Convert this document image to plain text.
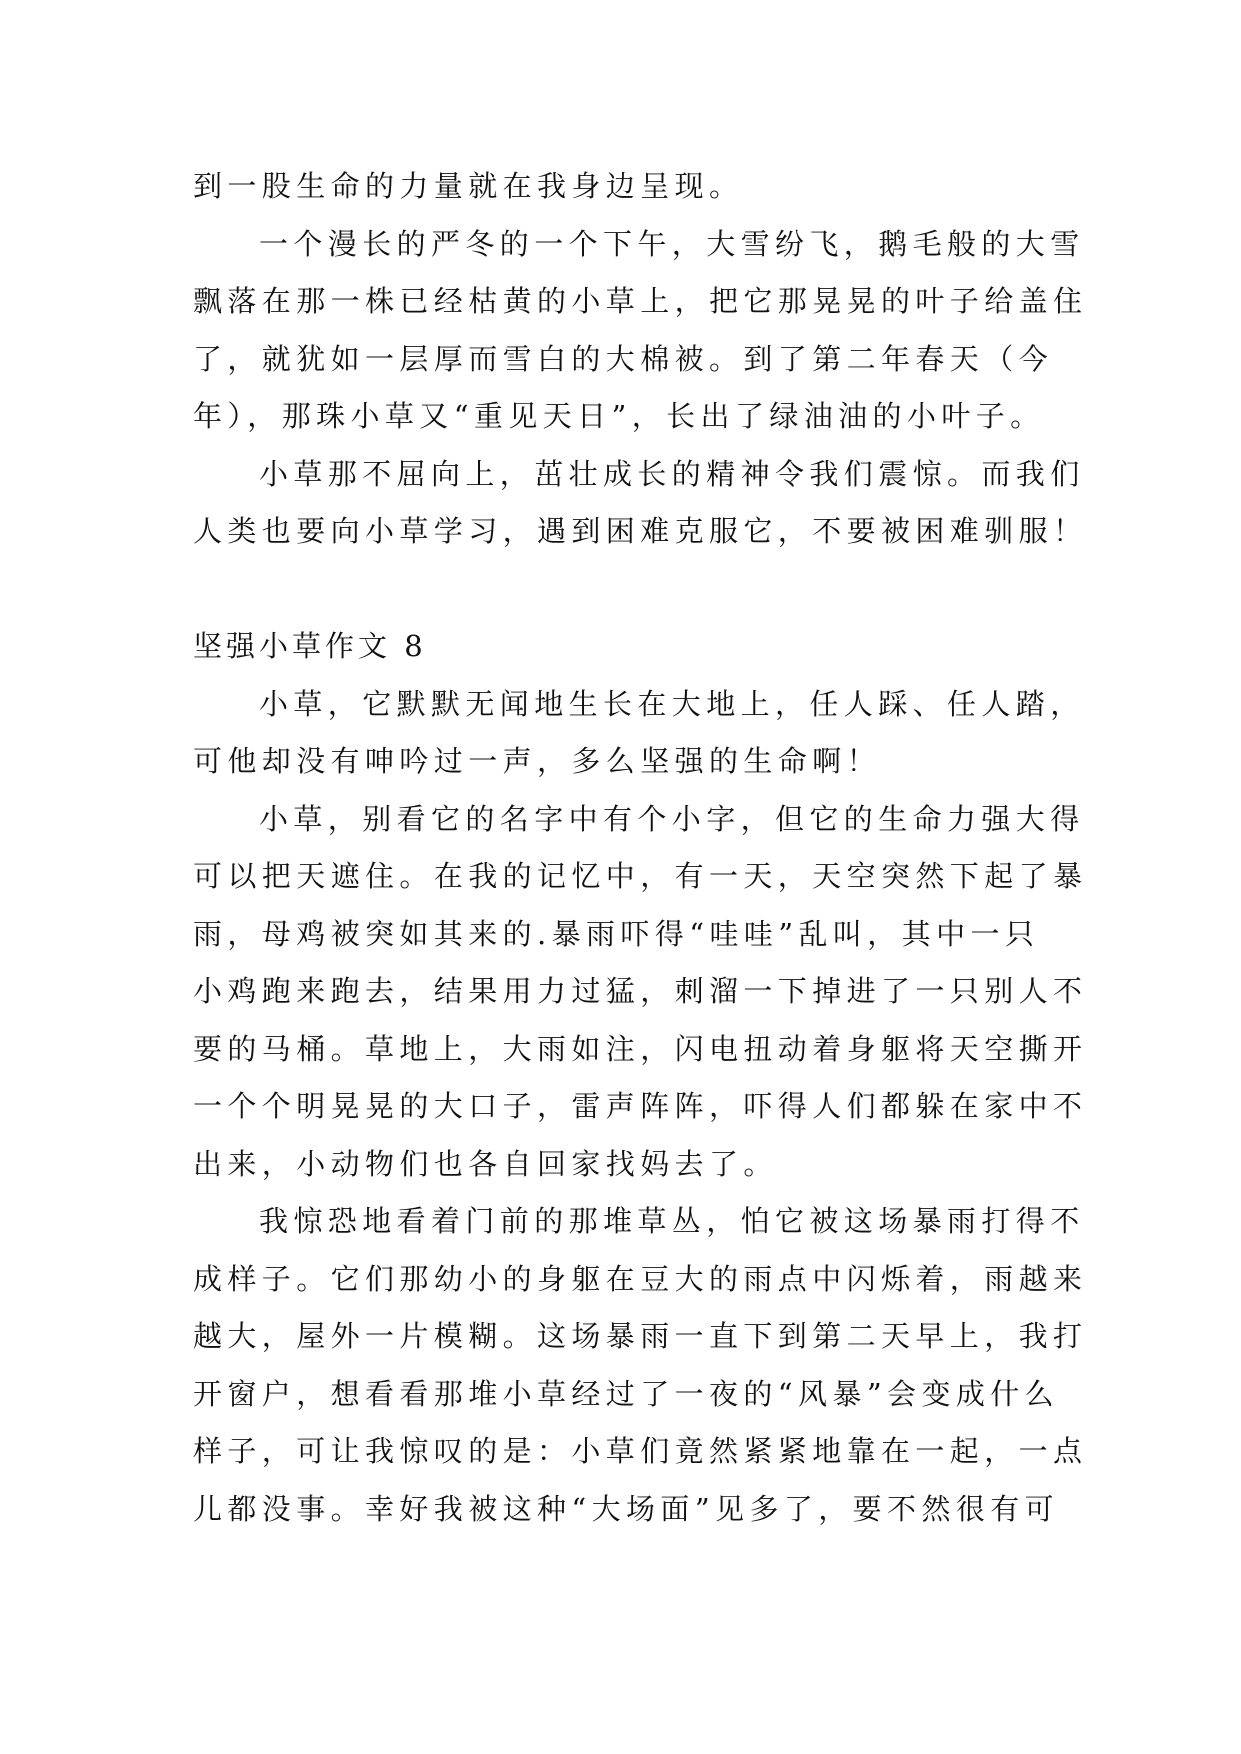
到一股生命的力量就在我身边呈现。

一个漫长的严冬的一个下午，大雪纷飞，鹅毛般的大雪
飘落在那一株已经枯黄的小草上，把它那晃晃的叶子给盖住
了，就犹如一层厚而雪白的大棉被。到了第二年春天（今
年），那珠小草又“重见天日”，长出了绿油油的小叶子。

小草那不屈向上，茁壮成长的精神令我们震惊。而我们
人类也要向小草学习，遇到困难克服它，不要被困难驯服！

坚强小草作文 8

小草，它默默无闻地生长在大地上，任人踩、任人踏，
可他却没有呻吟过一声，多么坚强的生命啊！

小草，别看它的名字中有个小字，但它的生命力强大得
可以把天遮住。在我的记忆中，有一天，天空突然下起了暴
雨，母鸡被突如其来的.暴雨吓得“哇哇”乱叫，其中一只
小鸡跑来跑去，结果用力过猛，刺溜一下掉进了一只别人不
要的马桶。草地上，大雨如注，闪电扭动着身躯将天空撕开
一个个明晃晃的大口子，雷声阵阵，吓得人们都躲在家中不
出来，小动物们也各自回家找妈去了。

我惊恐地看着门前的那堆草丛，怕它被这场暴雨打得不
成样子。它们那幼小的身躯在豆大的雨点中闪烁着，雨越来
越大，屋外一片模糊。这场暴雨一直下到第二天早上，我打
开窗户，想看看那堆小草经过了一夜的“风暴”会变成什么
样子，可让我惊叹的是：小草们竟然紧紧地靠在一起，一点
儿都没事。幸好我被这种“大场面”见多了，要不然很有可
